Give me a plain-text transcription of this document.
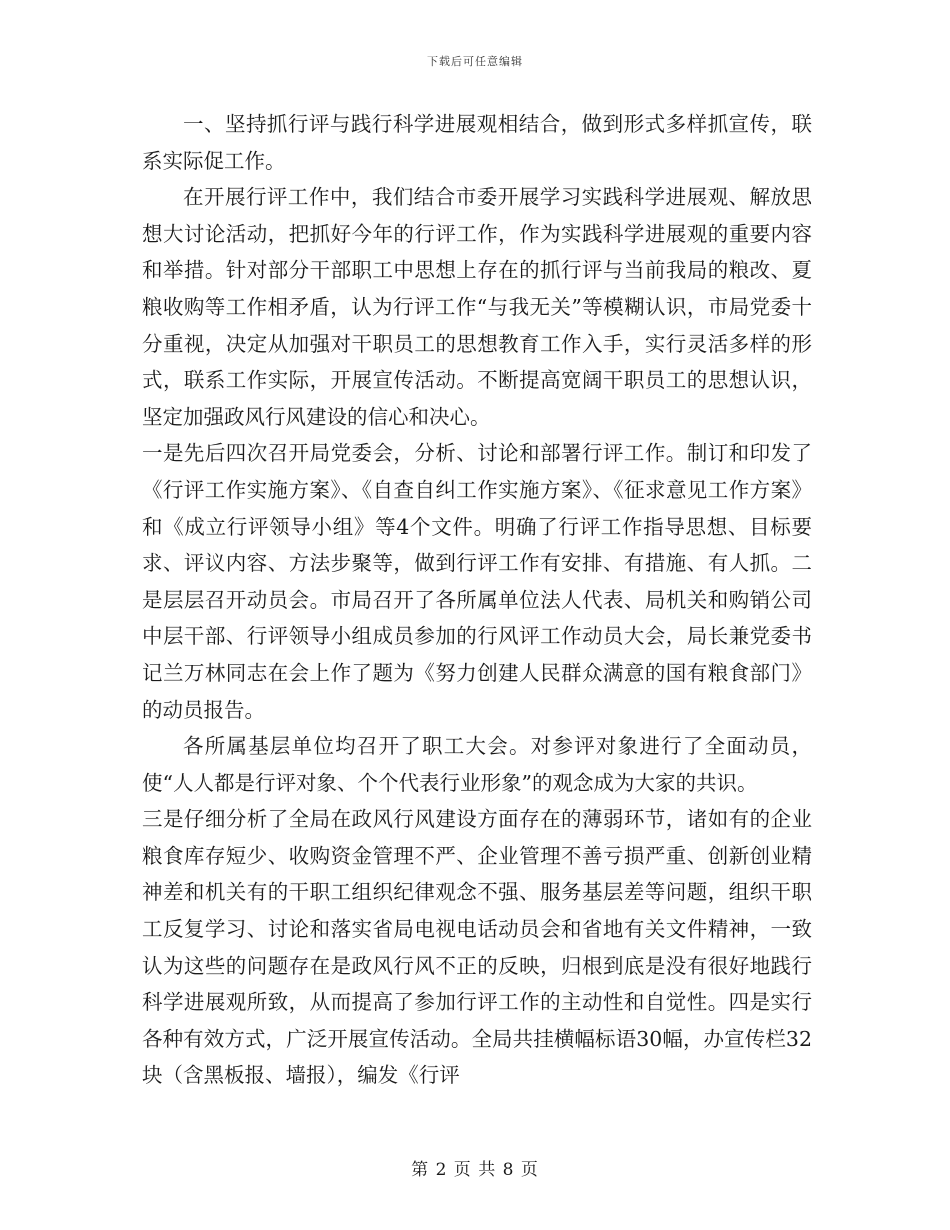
下载后可任意编辑

一、坚持抓行评与践行科学进展观相结合，做到形式多样抓宣传，联系实际促工作。

在开展行评工作中，我们结合市委开展学习实践科学进展观、解放思想大讨论活动，把抓好今年的行评工作，作为实践科学进展观的重要内容和举措。针对部分干部职工中思想上存在的抓行评与当前我局的粮改、夏粮收购等工作相矛盾，认为行评工作“与我无关”等模糊认识，市局党委十分重视，决定从加强对干职员工的思想教育工作入手，实行灵活多样的形式，联系工作实际，开展宣传活动。不断提高宽阔干职员工的思想认识，坚定加强政风行风建设的信心和决心。

一是先后四次召开局党委会，分析、讨论和部署行评工作。制订和印发了《行评工作实施方案》、《自查自纠工作实施方案》、《征求意见工作方案》和《成立行评领导小组》等4个文件。明确了行评工作指导思想、目标要求、评议内容、方法步聚等，做到行评工作有安排、有措施、有人抓。二是层层召开动员会。市局召开了各所属单位法人代表、局机关和购销公司中层干部、行评领导小组成员参加的行风评工作动员大会，局长兼党委书记兰万林同志在会上作了题为《努力创建人民群众满意的国有粮食部门》的动员报告。

各所属基层单位均召开了职工大会。对参评对象进行了全面动员，使“人人都是行评对象、个个代表行业形象”的观念成为大家的共识。

三是仔细分析了全局在政风行风建设方面存在的薄弱环节，诸如有的企业粮食库存短少、收购资金管理不严、企业管理不善亏损严重、创新创业精神差和机关有的干职工组织纪律观念不强、服务基层差等问题，组织干职工反复学习、讨论和落实省局电视电话动员会和省地有关文件精神，一致认为这些的问题存在是政风行风不正的反映，归根到底是没有很好地践行科学进展观所致，从而提高了参加行评工作的主动性和自觉性。四是实行各种有效方式，广泛开展宣传活动。全局共挂横幅标语30幅，办宣传栏32块（含黑板报、墙报），编发《行评

第 2 页 共 8 页
